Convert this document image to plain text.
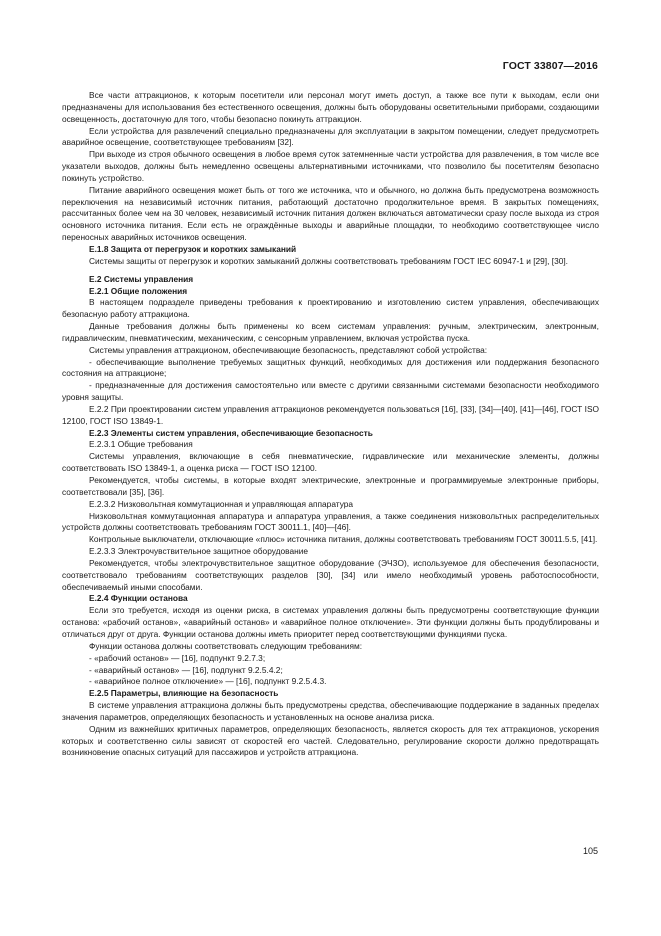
ГОСТ 33807—2016

Все части аттракционов, к которым посетители или персонал могут иметь доступ, а также все пути к выходам, если они предназначены для использования без естественного освещения, должны быть оборудованы осветительными приборами, создающими освещенность, достаточную для того, чтобы безопасно покинуть аттракцион.

Если устройства для развлечений специально предназначены для эксплуатации в закрытом помещении, следует предусмотреть аварийное освещение, соответствующее требованиям [32].

При выходе из строя обычного освещения в любое время суток затемненные части устройства для развлечения, в том числе все указатели выходов, должны быть немедленно освещены альтернативными источниками, что позволило бы посетителям безопасно покинуть устройство.

Питание аварийного освещения может быть от того же источника, что и обычного, но должна быть предусмотрена возможность переключения на независимый источник питания, работающий достаточно продолжительное время. В закрытых помещениях, рассчитанных более чем на 30 человек, независимый источник питания должен включаться автоматически сразу после выхода из строя основного источника питания. Если есть не ограждённые выходы и аварийные площадки, то необходимо соответствующее число переносных аварийных источников освещения.

Е.1.8 Защита от перегрузок и коротких замыканий

Системы защиты от перегрузок и коротких замыканий должны соответствовать требованиям ГОСТ IEC 60947-1 и [29], [30].

Е.2 Системы управления

Е.2.1 Общие положения

В настоящем подразделе приведены требования к проектированию и изготовлению систем управления, обеспечивающих безопасную работу аттракциона.

Данные требования должны быть применены ко всем системам управления: ручным, электрическим, электронным, гидравлическим, пневматическим, механическим, с сенсорным управлением, включая устройства пуска.

Системы управления аттракционом, обеспечивающие безопасность, представляют собой устройства:

- обеспечивающие выполнение требуемых защитных функций, необходимых для достижения или поддержания безопасного состояния на аттракционе;

- предназначенные для достижения самостоятельно или вместе с другими связанными системами безопасности необходимого уровня защиты.

Е.2.2 При проектировании систем управления аттракционов рекомендуется пользоваться [16], [33], [34]—[40], [41]—[46], ГОСТ ISO 12100, ГОСТ ISO 13849-1.

Е.2.3 Элементы систем управления, обеспечивающие безопасность

Е.2.3.1 Общие требования

Системы управления, включающие в себя пневматические, гидравлические или механические элементы, должны соответствовать ISO 13849-1, а оценка риска — ГОСТ ISO 12100.

Рекомендуется, чтобы системы, в которые входят электрические, электронные и программируемые электронные приборы, соответствовали [35], [36].

Е.2.3.2 Низковольтная коммутационная и управляющая аппаратура

Низковольтная коммутационная аппаратура и аппаратура управления, а также соединения низковольтных распределительных устройств должны соответствовать требованиям ГОСТ 30011.1, [40]—[46].

Контрольные выключатели, отключающие «плюс» источника питания, должны соответствовать требованиям ГОСТ 30011.5.5, [41].

Е.2.3.3 Электрочувствительное защитное оборудование

Рекомендуется, чтобы электрочувствительное защитное оборудование (ЭЧЗО), используемое для обеспечения безопасности, соответствовало требованиям соответствующих разделов [30], [34] или имело необходимый уровень работоспособности, обеспечиваемый иными способами.

Е.2.4 Функции останова

Если это требуется, исходя из оценки риска, в системах управления должны быть предусмотрены соответствующие функции останова: «рабочий останов», «аварийный останов» и «аварийное полное отключение». Эти функции должны быть продублированы и отличаться друг от друга. Функции останова должны иметь приоритет перед соответствующими функциями пуска.

Функции останова должны соответствовать следующим требованиям:

- «рабочий останов» — [16], подпункт 9.2.7.3;

- «аварийный останов» — [16], подпункт 9.2.5.4.2;

- «аварийное полное отключение» — [16], подпункт 9.2.5.4.3.

Е.2.5 Параметры, влияющие на безопасность

В системе управления аттракциона должны быть предусмотрены средства, обеспечивающие поддержание в заданных пределах значения параметров, определяющих безопасность и установленных на основе анализа риска.

Одним из важнейших критичных параметров, определяющих безопасность, является скорость для тех аттракционов, ускорения которых и соответственно силы зависят от скоростей его частей. Следовательно, регулирование скорости должно предотвращать возникновение опасных ситуаций для пассажиров и устройств аттракциона.

105
